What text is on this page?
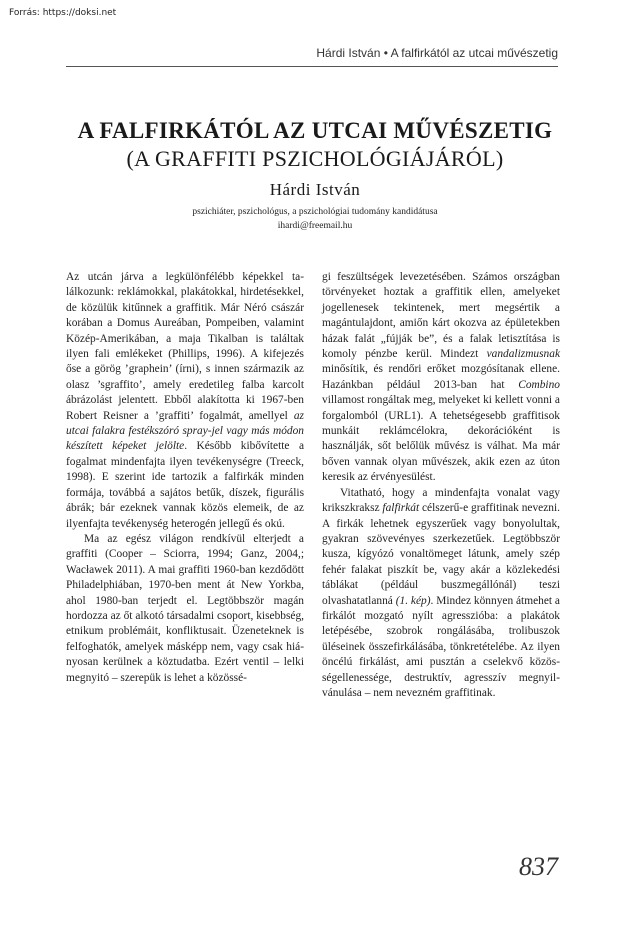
Forrás: https://doksi.net
Hárdi István • A falfirkától az utcai művészetig
A FALFIRKÁTÓL AZ UTCAI MŰVÉSZETIG
(A GRAFFITI PSZICHOLÓGIÁJÁRÓL)
Hárdi István
pszichiáter, pszichológus, a pszichológiai tudomány kandidátusa
ihardi@freemail.hu

Az utcán járva a legkülönfélébb képekkel találkozunk: reklámokkal, plakátokkal, hirdetésekkel, de közülük kitűnnek a graffitik. Már Néró császár korában a Domus Aureában, Pompeiben, valamint Közép-Amerikában, a maja Tikalban is találtak ilyen fali emlékeket (Phillips, 1996). A kifejezés őse a görög ’graphein’ (írni), s innen származik az olasz ’sgraffito’, amely eredetileg falba karcolt ábrázolást jelentett. Ebből alakította ki 1967-ben Robert Reisner a ’graffiti’ fogalmát, amellyel az utcai falakra festékszóró spray-jel vagy más módon készített képeket jelölte. Később kibővítette a fogalmat mindenfajta ilyen tevékenységre (Treeck, 1998). E szerint ide tartozik a falfirkák minden formája, továbbá a sajátos betűk, díszek, figurális ábrák; bár ezeknek vannak közös elemeik, de az ilyenfajta tevékenység heterogén jellegű és okú.

Ma az egész világon rendkívül elterjedt a graffiti (Cooper – Sciorra, 1994; Ganz, 2004,; Wacławek 2011). A mai graffiti 1960-ban kezdődött Philadelphiában, 1970-ben ment át New Yorkba, ahol 1980-ban terjedt el. Legtöbbször magán hordozza az őt alkotó társadalmi csoport, kisebbség, etnikum problémáit, konfliktusait. Üzeneteknek is felfoghatók, amelyek másképp nem, vagy csak hiányosan kerülnek a köztudatba. Ezért ventil – lelki megnyitó – szerepük is lehet a közössé-

gi feszültségek levezetésében. Számos országban törvényeket hoztak a graffitik ellen, amelyeket jogellenesek tekintenek, mert megsértik a magántulajdont, amiőn kárt okozva az épületekben házak falát „fújják be”, és a falak letisztítása is komoly pénzbe kerül. Mindezt vandalizmusnak minősítik, és rendőri erőket mozgósítanak ellene. Hazánkban például 2013-ban hat Combino villamost rongáltak meg, melyeket ki kellett vonni a forgalomból (URL1). A tehetségesebb graffitisok munkáit reklámcélokra, dekorációként is használják, sőt belőlük művész is válhat. Ma már bőven vannak olyan művészek, akik ezen az úton keresik az érvényesülést.

Vitatható, hogy a mindenfajta vonalat vagy krikszkraksz falfirkát célszerű-e graffitinak nevezni. A firkák lehetnek egyszerűek vagy bonyolultak, gyakran szövevényes szerkezetűek. Legtöbbször kusza, kígyózó vonaltömeget látunk, amely szép fehér falakat piszkít be, vagy akár a közlekedési táblákat (például buszmegállónál) teszi olvashatatlanná (1. kép). Mindez könnyen átmehet a firkálót mozgató nyílt agresszióba: a plakátok letépésébe, szobrok rongálásába, trolibuszok üléseinek összefirkálásába, tönkretételébe. Az ilyen öncélú firkálást, ami pusztán a cselekvő közösségellenessége, destruktív, agresszív megnyilvánulása – nem nevezném graffitinak.

837
